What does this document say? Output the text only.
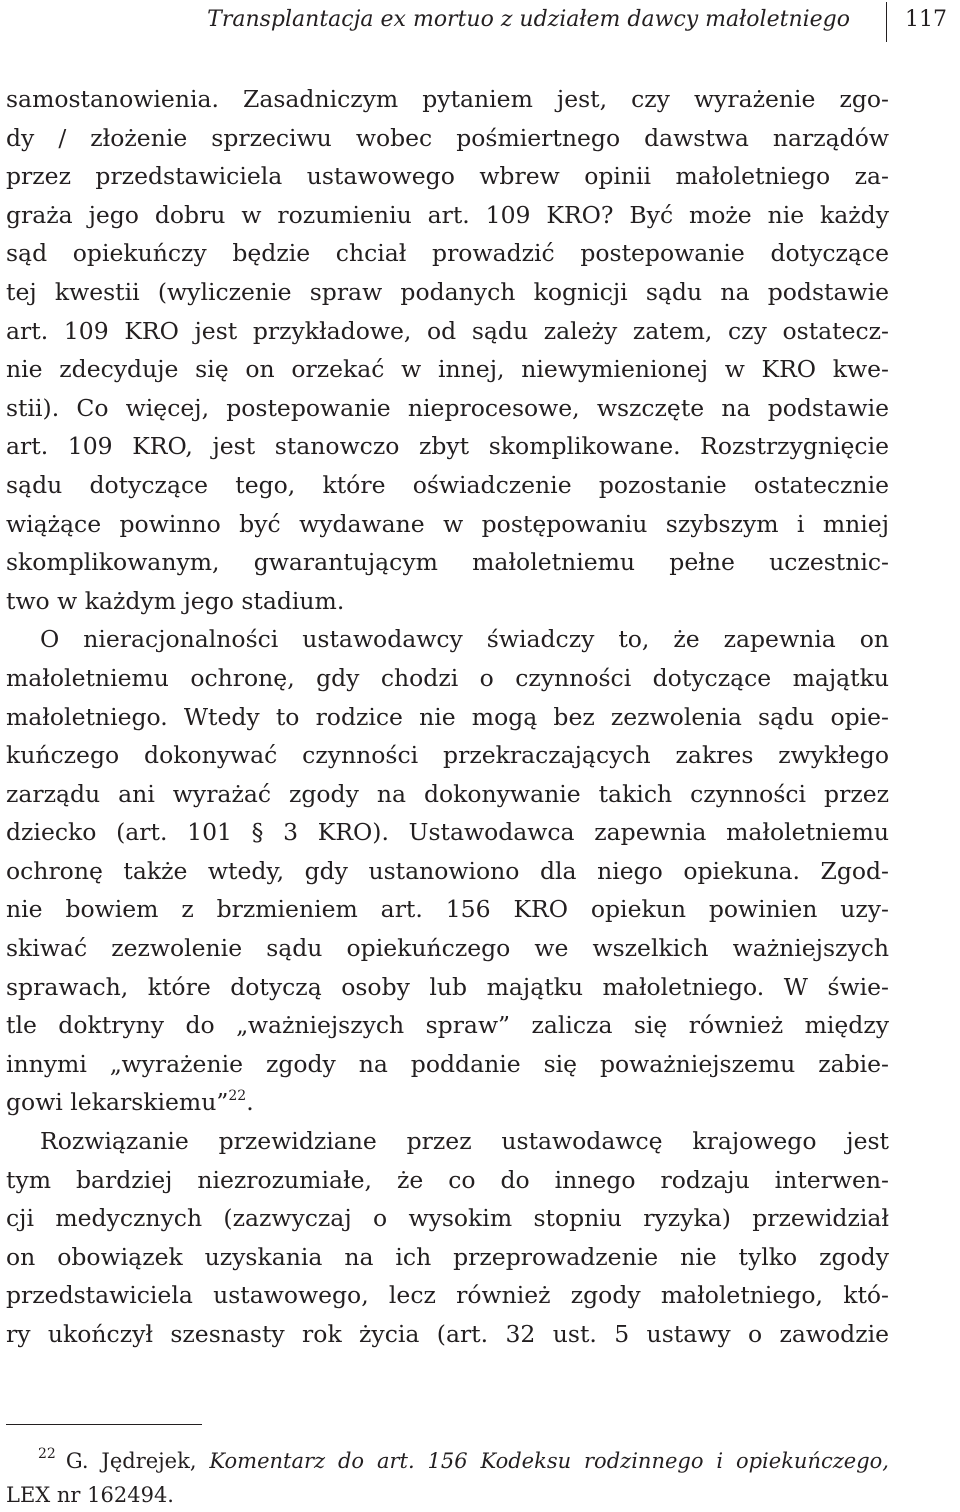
Transplantacja ex mortuo z udziałem dawcy małoletniego	117
samostanowienia. Zasadniczym pytaniem jest, czy wyrażenie zgo-
dy / złożenie sprzeciwu wobec pośmiertnego dawstwa narządów
przez przedstawiciela ustawowego wbrew opinii małoletniego za-
graża jego dobru w rozumieniu art. 109 KRO? Być może nie każdy
sąd opiekuńczy będzie chciał prowadzić postepowanie dotyczące
tej kwestii (wyliczenie spraw podanych kognicji sądu na podstawie
art. 109 KRO jest przykładowe, od sądu zależy zatem, czy ostatecz-
nie zdecyduje się on orzekać w innej, niewymienionej w KRO kwe-
stii). Co więcej, postepowanie nieprocesowe, wszczęte na podstawie
art. 109 KRO, jest stanowczo zbyt skomplikowane. Rozstrzygnięcie
sądu dotyczące tego, które oświadczenie pozostanie ostatecznie
wiążące powinno być wydawane w postępowaniu szybszym i mniej
skomplikowanym, gwarantującym małoletniemu pełne uczestnic-
two w każdym jego stadium.
O nieracjonalności ustawodawcy świadczy to, że zapewnia on
małoletniemu ochronę, gdy chodzi o czynności dotyczące majątku
małoletniego. Wtedy to rodzice nie mogą bez zezwolenia sądu opie-
kuńczego dokonywać czynności przekraczających zakres zwykłego
zarządu ani wyrażać zgody na dokonywanie takich czynności przez
dziecko (art. 101 § 3 KRO). Ustawodawca zapewnia małoletniemu
ochronę także wtedy, gdy ustanowiono dla niego opiekuna. Zgod-
nie bowiem z brzmieniem art. 156 KRO opiekun powinien uzy-
skiwać zezwolenie sądu opiekuńczego we wszelkich ważniejszych
sprawach, które dotyczą osoby lub majątku małoletniego. W świe-
tle doktryny do „ważniejszych spraw” zalicza się również między
innymi „wyrażenie zgody na poddanie się poważniejszemu zabie-
gowi lekarskiemu”$^{22}$.
Rozwiązanie przewidziane przez ustawodawcę krajowego jest
tym bardziej niezrozumiałe, że co do innego rodzaju interwen-
cji medycznych (zazwyczaj o wysokim stopniu ryzyka) przewidział
on obowiązek uzyskania na ich przeprowadzenie nie tylko zgody
przedstawiciela ustawowego, lecz również zgody małoletniego, któ-
ry ukończył szesnasty rok życia (art. 32 ust. 5 ustawy o zawodzie
22 G. Jędrejek, Komentarz do art. 156 Kodeksu rodzinnego i opiekuńczego,
LEX nr 162494.
